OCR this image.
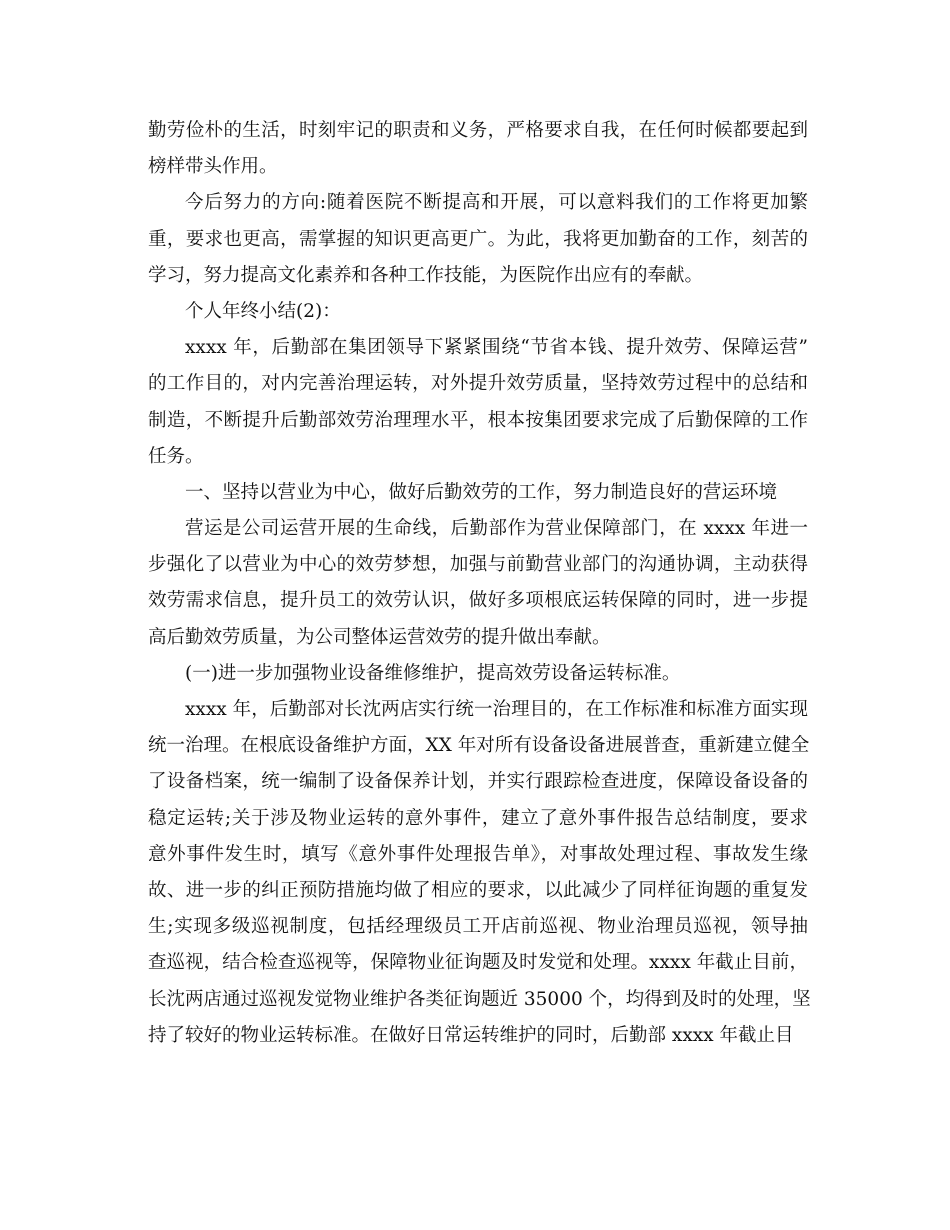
勤劳俭朴的生活，时刻牢记的职责和义务，严格要求自我，在任何时候都要起到
榜样带头作用。
今后努力的方向:随着医院不断提高和开展，可以意料我们的工作将更加繁
重，要求也更高，需掌握的知识更高更广。为此，我将更加勤奋的工作，刻苦的
学习，努力提高文化素养和各种工作技能，为医院作出应有的奉献。
个人年终小结(2)：
xxxx 年，后勤部在集团领导下紧紧围绕“节省本钱、提升效劳、保障运营”
的工作目的，对内完善治理运转，对外提升效劳质量，坚持效劳过程中的总结和
制造，不断提升后勤部效劳治理理水平，根本按集团要求完成了后勤保障的工作
任务。
一、坚持以营业为中心，做好后勤效劳的工作，努力制造良好的营运环境
营运是公司运营开展的生命线，后勤部作为营业保障部门，在 xxxx 年进一
步强化了以营业为中心的效劳梦想，加强与前勤营业部门的沟通协调，主动获得
效劳需求信息，提升员工的效劳认识，做好多项根底运转保障的同时，进一步提
高后勤效劳质量，为公司整体运营效劳的提升做出奉献。
(一)进一步加强物业设备维修维护，提高效劳设备运转标准。
xxxx 年，后勤部对长沈两店实行统一治理目的，在工作标准和标准方面实现
统一治理。在根底设备维护方面，XX 年对所有设备设备进展普查，重新建立健全
了设备档案，统一编制了设备保养计划，并实行跟踪检查进度，保障设备设备的
稳定运转;关于涉及物业运转的意外事件，建立了意外事件报告总结制度，要求
意外事件发生时，填写《意外事件处理报告单》，对事故处理过程、事故发生缘
故、进一步的纠正预防措施均做了相应的要求，以此减少了同样征询题的重复发
生;实现多级巡视制度，包括经理级员工开店前巡视、物业治理员巡视，领导抽
查巡视，结合检查巡视等，保障物业征询题及时发觉和处理。xxxx 年截止目前，
长沈两店通过巡视发觉物业维护各类征询题近 35000 个，均得到及时的处理，坚
持了较好的物业运转标准。在做好日常运转维护的同时，后勤部 xxxx 年截止目
